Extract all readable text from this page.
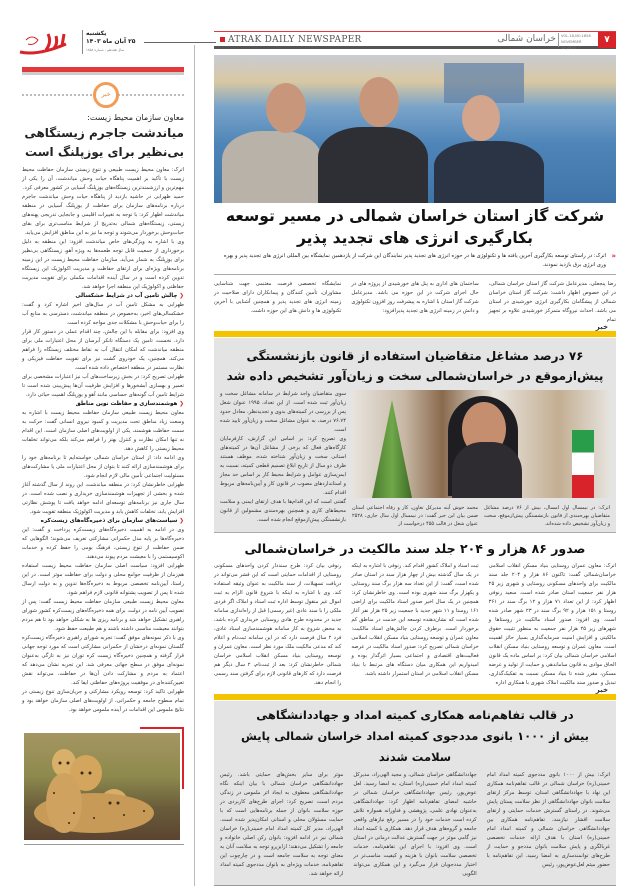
ATRAK DAILY NEWSPAPER	خراسان شمالی VOL.18,NO.1858
NOVEMBER 10,2024
۷
یکشنبه
۲۵ آبان ماه ۱۴۰۳
سال هجدهم - شماره ۱۸۵۸
خبر
معاون سازمان محیط زیست:
میاندشت جاجرم زیستگاهی بی‌نظیر برای یوزپلنگ است

اترک: معاون محیط زیست طبیعی و تنوع زیستی سازمان حفاظت محیط زیست با تأکید بر اهمیت پناهگاه حیات وحش میاندشت، آن را یکی از مهم‌ترین و ارزشمندترین زیستگاه‌های یوزپلنگ آسیایی در کشور معرفی کرد.

حمید ظهرابی در حاشیه بازدید از پناهگاه حیات وحش میاندشت جاجرم درباره برنامه‌های سازمان برای حفاظت از یوزپلنگ آسیایی در منطقه میاندشت اظهار کرد: با توجه به تغییرات اقلیمی و جابجایی تدریجی پهنه‌های زیستی، زیستگاه‌های شمالی به‌تدریج از شرایط مناسب‌تری برای بقای حیات‌وحش برخوردار می‌شوند و توجه ما نیز به این مناطق افزایش می‌یابد.

وی با اشاره به ویژگی‌های خاص میاندشت افزود: این منطقه به دلیل برخورداری از جمعیت قابل توجه طعمه‌ها به ویژه آهو، زیستگاهی بی‌نظیر برای یوزپلنگ به شمار می‌آید. سازمان حفاظت محیط زیست در این زمینه برنامه‌های ویژه‌ای برای ارتقای حفاظت و مدیریت اکولوژیک این زیستگاه تدوین کرده است و در سال آینده اقدامات مکملی برای تقویت مدیریت حفاظتی و اکولوژیک این منطقه اجرا خواهد شد.

❮ چالش تامین آب در شرایط خشکسالی

ظهرابی به مشکل تامین آب در سال‌های اخیر اشاره کرد و گفت: خشکسالی‌های اخیر، به‌خصوص در منطقه میاندشت، دسترسی به منابع آب را برای حیات‌وحش با مشکلات جدی مواجه کرده است.

وی افزود: برای مقابله با این چالش، چند اقدام عملی در دستور کار قرار دارد. نخست، تامین یک دستگاه تانکر آبرسان از محل اعتبارات ملی برای منطقه میاندشت که امکان انتقال آب به نقاط مختلف زیستگاه را فراهم می‌کند. همچنین، یک خودروی گشت نیز برای تقویت حفاظت فیزیکی و نظارت مستمر در منطقه اختصاص داده شده است.

ظهرابی تصریح کرد: در بخش زیرساخت‌های آب نیز اعتبارات مشخصی برای تعمیر و بهسازی آبشخورها و افزایش ظرفیت آن‌ها پیش‌بینی شده است تا شرایط تامین آب گونه‌های حساسی مانند آهو و یوزپلنگ اهمیت حیاتی دارد.

❮ هوشمندسازی و حفاظت نوین مناطق

معاون محیط زیست طبیعی سازمان حفاظت محیط زیست با اشاره به وسعت زیاد مناطق تحت مدیریت و کمبود نیروی انسانی گفت: حرکت به سمت حفاظت هوشمند، یکی از اولویت‌های اصلی سازمان است. این اقدام نه تنها امکان نظارت و کنترل بهتر را فراهم می‌کند بلکه می‌تواند تخلفات محیط زیستی را کاهش دهد.

وی ادامه داد: از استان خراسان شمالی خواسته‌ایم تا برنامه‌های خود را برای هوشمندسازی ارائه کنند تا بتوان از محل اعتبارات ملی یا مشارکت‌های مسئولیت اجتماعی تأمین مالی لازم انجام شود.

ظهرابی خاطرنشان کرد: در منطقه میاندشت، این روند از سال گذشته آغاز شده و بخشی از تجهیزات هوشمندسازی خریداری و نصب شده است. در سال جاری نیز برنامه‌های توسعه‌ای ادامه خواهد یافت تا پوشش نظارتی افزایش یابد، تخلفات کاهش یابد و مدیریت اکولوژیک منطقه تقویت شود.

❮ سیاست‌های سازمان برای ذخیره‌گاه‌های زیست‌کره

وی در ادامه به اهمیت ذخیره‌گاه‌های زیست‌کره پرداخت و گفت: این ذخیره‌گاه‌ها بر پایه مدل حکمرانی مشارکتی تعریف می‌شوند؛ الگوهایی که ضمن حفاظت از تنوع زیستی، فرهنگ بومی را حفظ کرده و خدمات اکوسیستمی را با معیشت مردم پیوند می‌دهند.

ظهرابی افزود: سیاست اصلی سازمان حفاظت محیط زیست استفاده هم‌زمان از ظرفیت جوامع محلی و دولت برای حفاظت موثر است. در این راستا، آیین‌نامه تخصصی مربوط به ذخیره‌گاه‌ها تدوین و به دولت ارسال شده تا پس از تصویب پشتوانه قانونی لازم فراهم شود.

معاون محیط زیست طبیعی سازمان حفاظت محیط زیست گفت: پس از تصویب آیین نامه در دولت، برای همه ذخیره‌گاه‌های زیست‌کره کشور شورای راهبری تشکیل خواهد شد و برنامه ریزی ها به شکلی خواهد بود تا هم مردم بتوانند معیشت مناسبی داشته باشند و هم طبیعت حفظ شود.

وی با ذکر نمونه‌های موفق گفت: تجربه شورای راهبری ذخیره‌گاه زیست‌کره گلستان نمونه‌ای درخشان از حکمرانی مشارکتی است که مورد توجه جهانی قرار گرفته و همچنین ذخیره‌گاه زیست کره توران نیز به تازگی به‌عنوان نمونه‌ای موفق در سطح جهانی معرفی شد. این تجربه نشان می‌دهد که اعتماد به مردم و مشارکت دادن آن‌ها در حفاظت، می‌تواند نقش تعیین‌کننده‌ای در موفقیت پروژه‌های حفاظتی ایفا کند.

ظهرابی تاکید کرد: توسعه رویکرد مشارکتی و جریان‌سازی تنوع زیستی در تمام سطوح جامعه و حکمرانی، از اولویت‌های اصلی سازمان خواهد بود و نتایج ملموس این اقدامات در آینده ملموس خواهد بود.

شرکت گاز استان خراسان شمالی در مسیر توسعه بکارگیری انرژی های تجدید پذیر
«
اترک: در راستای توسعه بکارگیری آخرین یافته ها و تکنولوژی ها در حوزه انرژی های تجدید پذیر نمایندگان این شرکت از یازدهمین نمایشگاه بین المللی انرژی های تجدید پذیر و بهره وری انرژی برق بازدید نمودند.
رضا پنجعلی، مدیرعامل شرکت گاز استان خراسان شمالی، در این خصوص اظهار داشت: شرکت گاز استان خراسان شمالی از پیشگامان بکارگیری انرژی خورشیدی در استان می باشد. احداث نیروگاه متمرکز خورشیدی علاوه بر تجهیز تمام
ساختمان های اداری به پنل های خورشیدی از پروژه های در حال اجرای شرکت در این حوزه می باشد. مدیرعامل شرکت گاز استان با اشاره به پیشرفت روز افزون تکنولوژی و دانش در زمینه انرژی های تجدید پذیرافزود:
نمایشگاه تخصصی فرصت مغتنمی جهت شناسایی مشاوران، تأمین کنندگان و پیمانکاران دارای صلاحیت در زمینه انرژی های تجدید پذیر و همچنین آشنایی با آخرین تکنولوژی ها و دانش های این حوزه داشت.
خبر
۷۶ درصد مشاغل متقاضیان استفاده از قانون بازنشستگی
پیش‌ازموقع در خراسان‌شمالی سخت و زیان‌آور تشخیص داده شد
اترک: در نیمسال اول امسال، بیش از ۷۶ درصد مشاغل متقاضیان بهره‌مندی از قانون بازنشستگی پیش‌ازموقع، سخت و زیان‌آور تشخیص داده شده‌اند.
محمد خوش آینه مدیرکل تعاون، کار و رفاه اجتماعی استان ضمن بیان این خبر گفت: در نیمسال اول سال جاری، ۲۵۲۸ عنوان شغل در قالب ۴۵۵ درخواست از

سوی متقاضیان واجد شرایط در سامانه مشاغل سخت و زیان‌آور ثبت شده است. از این تعداد، ۱۹۹۵ عنوان شغل پس از بررسی در کمیته‌های بدوی و تجدیدنظر، معادل حدود ۷۶.۷۴ درصد، به عنوان مشاغل سخت و زیان‌آور تایید شده است.

وی تصریح کرد: بر اساس این گزارش، کارفرمایان کارگاه‌های فعال که برخی از مشاغل آن‌ها در کمیته‌های استانی سخت و زیان‌آور شناخته شده، موظف هستند ظرف دو سال از تاریخ ابلاغ تصمیم قطعی کمیته، نسبت به ایمن‌سازی عوامل و شرایط محیط کار بر اساس حد مجاز و استانداردهای مصوب در قانون کار و آیین‌نامه‌های مربوط اقدام کنند.

گفتنی است که این اقدام‌ها با هدف ارتقای ایمنی و سلامت محیط‌های کاری و همچنین بهره‌مندی مشمولین از قانون بازنشستگی پیش‌ازموقع انجام شده است.

صدور ۸۶ هزار و ۲۰۴ جلد سند مالکیت در خراسان‌شمالی
اترک: معاون عمران روستایی بنیاد مسکن انقلاب اسلامی خراسان‌شمالی گفت: تاکنون ۸۶ هزار و ۲۰۴ جلد سند مالکیت برای واحدهای مسکونی روستایی و شهری زیر ۲۵ هزار نفر جمعیت استان صادر شده است. سعید رنوفی اظهار کرد: از این تعداد ۷۱ هزار و ۱۲ برگ سند در ۳۶۱ روستا و ۱۵۱ هزار و ۹۲ برگ سند در ۲۳ شهر صادر شده است. وی افزود: صدور اسناد مالکیت در روستاها و شهرهای زیر ۲۵ هزار نفر جمعیت به منظور تثبیت حقوق مالکیتی و افزایش امنیت سرمایه‌گذاری بسیار حائز اهمیت است. معاون عمران و توسعه روستایی بنیاد مسکن انقلاب اسلامی خراسان شمالی بیان کرد: بر اساس ماده یک قانون الحاق موادی به قانون ساماندهی و حمایت از تولید و عرضه مسکن، مقرر شده تا بنیاد مسکن نسبت به تفکیک‌گذاری، تبدیل و صدور سند مالکیت املاک شهری با همکاری اداره
ثبت اسناد و املاک کشور اقدام کند. رنوفی با اشاره به اینکه در یک سال گذشته بیش از چهار هزار سند در استان صادر شده است، گفت: از این تعداد سه هزار برگ سند روستایی و یکهزار برگ سند شهری بوده است. وی خاطرنشان کرد: همچنین در یک سال اخیر صدور اسناد مالکیت برای اراضی ۱۶۱ روستا و ۱۱ شهر جدید با جمعیت زیر ۲۵ هزار نفر آغاز شده است که نشان‌دهنده توسعه این خدمت در مناطق کم برخوردار است. برطرف کردن چالش‌های اسناد مالکیت: معاون عمران و توسعه روستایی بنیاد مسکن انقلاب اسلامی خراسان شمالی تصریح کرد: صدور اسناد مالکیت در عرصه فعالیت‌های اقتصادی و اجتماعی بسیار اثرگذار بوده و امیدواریم این همکاری میان دستگاه های مرتبط با بنیاد مسکن انقلاب اسلامی در استان استمرار داشته باشد.
رنوفی بیان کرد: طرح سنددار کردن واحدهای مسکونی روستایی از اقدامات حمایتی است که این قشر می‌تواند در دریافت تسهیلات، از سند مالکیت به عنوان وثیقه استفاده کند. وی با اشاره به اینکه با شروع قانون الزام به ثبت اموال غیر منقول توسط اداره ثبت اسناد و املاک اگر فردی ملکی را با سند عادی (غیر رسمی) قبل از راه‌اندازی سامانه جدید در محدوده طرح هادی روستایی خریداری کرده باشد، به محض شروع به کار سامانه هوشمندسازی اسناد عادی، فرد ۲ سال فرصت دارد که در این سامانه ثبت‌نام و اعلام کند که مدعی مالکیت ملک مورد نظر است. معاون عمران و توسعه روستایی بنیاد مسکن انقلاب اسلامی خراسان شمالی خاطرنشان کرد: بعد از ثبت‌نام، ۲ سال دیگر هم فرصت دارد که کارهای قانونی لازم برای گرفتن سند رسمی را انجام دهد.
خبر
در قالب تفاهم‌نامه همکاری کمیته امداد و جهاددانشگاهی
بیش از ۱۰۰۰ بانوی مددجوی کمیته امداد خراسان شمالی پایش سلامت شدند
اترک: بیش از ۱۰۰۰ بانوی مددجوی کمیته امداد امام خمینی(ره) خراسان شمالی در قالب تفاهم‌نامه همکاری این نهاد با جهاددانشگاهی استان، توسط مرکز ارتقای سلامت بانوان جهاددانشگاهی از نظر سلامت پستان پایش می‌شوند. در راستای گسترش خدمات حمایتی و ارتقای سلامت اقشار نیازمند، تفاهم‌نامه همکاری بین جهاددانشگاهی خراسان شمالی و کمیته امداد امام خمینی(ره) استان با هدف ارائه خدمات تخصصی غربالگری و پایش سلامت بانوان مددجو و حمایت از طرح‌های توانمندسازی به امضا رسید. این تفاهم‌نامه با حضور میثم لعل‌عوض‌پور، رئیس
جهاددانشگاهی خراسان شمالی، و مجید الهی‌راد، مدیرکل کمیته امداد امام خمینی(ره) استان، به امضا رسید. لعل عوض‌پور، رئیس جهاددانشگاهی خراسان شمالی در حاشیه امضای تفاهم‌نامه اظهار کرد: جهاددانشگاهی به‌عنوان نهادی علمی، پژوهشی و فناورانه همواره تلاش کرده است خدمات خود را در مسیر رفع نیازهای واقعی جامعه و گروه‌های هدف قرار دهد. همکاری با کمیته امداد نیز گامی موثر در جهت گسترش عدالت درمانی در استان است. وی افزود: با اجرای این تفاهم‌نامه، خدمات تخصصی سلامت بانوان با هزینه و کیفیت مناسب‌تر در اختیار مددجویان قرار می‌گیرد و این همکاری می‌تواند الگویی
موثر برای سایر بخش‌های حمایتی باشد. رئیس جهاددانشگاهی خراسان شمالی با بیان اینکه نگاه جهاددانشگاهی معطوف به ایجاد اثر ملموس در زندگی مردم است، تصریح کرد: اجرای طرح‌های کاربردی در حوزه سلامت بانوان از جمله برنامه‌هایی است که با حمایت مسئولان محلی و استانی امکان‌پذیر شده است. الهی‌راد، مدیر کل کمیته امداد امام خمینی(ره) خراسان شمالی نیز در ادامه افزود: بانوان رکن اصلی خانواده و جامعه را تشکیل می‌دهند؛ ازاین‌رو توجه به سلامت آنان به معنای توجه به سلامت جامعه است و در چارچوب این تفاهم‌نامه، خدمات ویژه‌ای به بانوان مددجوی کمیته امداد ارائه خواهد شد.
